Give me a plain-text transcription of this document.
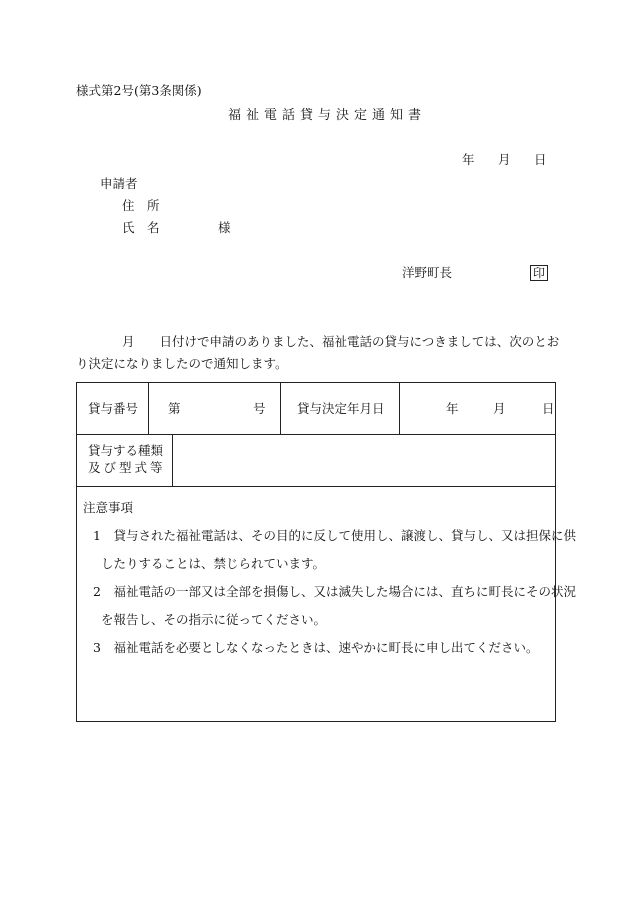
様式第2号(第3条関係)
福祉電話貸与決定通知書
年 月 日
申請者
住　所
氏　名	様
洋野町長	印
月　　日付けで申請のありました、福祉電話の貸与につきましては、次のとお
り決定になりましたので通知します。
貸与番号 第	号	貸与決定年月日	年	月	日
貸与する種類
及び型式等
注意事項
1　貸与された福祉電話は、その目的に反して使用し、譲渡し、貸与し、又は担保に供
したりすることは、禁じられています。
2　福祉電話の一部又は全部を損傷し、又は滅失した場合には、直ちに町長にその状況
を報告し、その指示に従ってください。
3　福祉電話を必要としなくなったときは、速やかに町長に申し出てください。
